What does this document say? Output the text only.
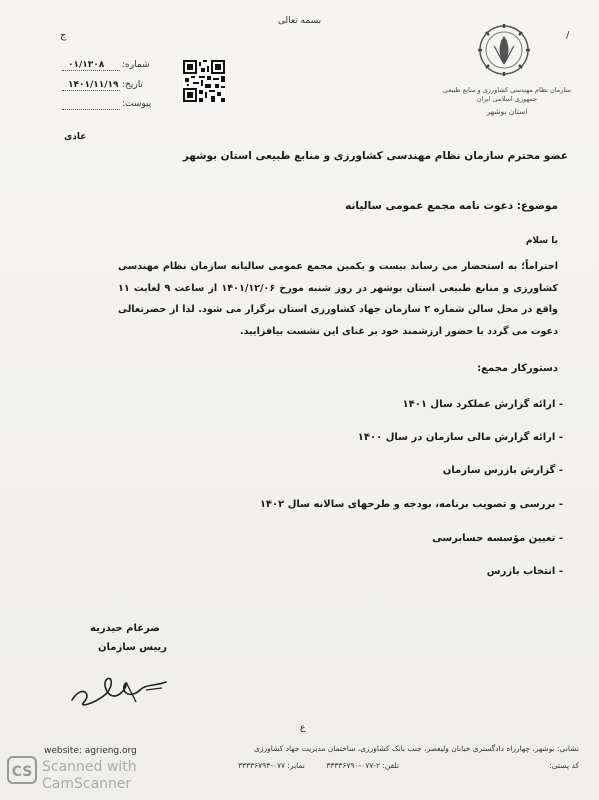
بسمه تعالی
ج	/
سازمان نظام مهندسی کشاورزی و منابع طبیعی
جمهوری اسلامی ایران
استان بوشهر
شماره:
۰۱/۱۳۰۸
تاریخ:
۱۴۰۱/۱۱/۱۹
پیوست:
عادی
عضو محترم سازمان نظام مهندسی کشاورزی و منابع طبیعی استان بوشهر
موضوع: دعوت نامه مجمع عمومی سالیانه
با سلام
احتراماً؛ به استحضار می رساند بیست و یکمین مجمع عمومی سالیانه سازمان نظام مهندسی کشاورزی و منابع طبیعی استان بوشهر در روز شنبه مورخ ۱۴۰۱/۱۲/۰۶ از ساعت ۹ لغایت ۱۱ واقع در محل سالن شماره ۲ سازمان جهاد کشاورزی استان برگزار می شود. لذا از حضرتعالی دعوت می گردد با حضور ارزشمند خود بر غنای این نشست بیافزایید.
دستورکار مجمع:
- ارائه گزارش عملکرد سال ۱۴۰۱
- ارائه گزارش مالی سازمان در سال ۱۴۰۰
- گزارش بازرس سازمان
- بررسی و تصویب برنامه، بودجه و طرحهای سالانه سال ۱۴۰۲
- تعیین مؤسسه حسابرسی
- انتخاب بازرس
ضرغام حیدریه
رییس سازمان
ع
نشانی: بوشهر، چهارراه دادگستری خیابان ولیعصر، جنب بانک کشاورزی، ساختمان مدیریت جهاد کشاورزی
website: agrieng.org
کد پستی:
تلفن: ۲-۰۷۷-۳۳۳۳۶۷۹۰
نمابر: ۰۷۷-۳۳۳۳۶۷۹۳
CS Scanned with
CamScanner
